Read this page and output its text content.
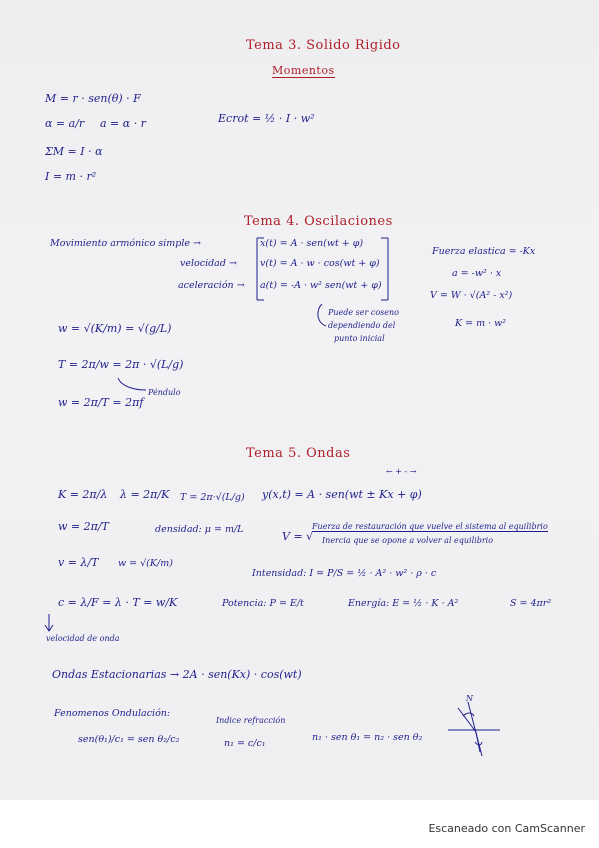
Tema 3. Solido Rigido
Momentos
M = r · sen(θ) · F
α = a/r a = α · r	Ecrot = ½ · I · w²
ΣM = I · α
I = m · r²
Tema 4. Oscilaciones
Movimiento armónico simple →	x(t) = A · sen(wt + φ)
velocidad → v(t) = A · w · cos(wt + φ)
aceleración → a(t) = -A · w² sen(wt + φ)
Puede ser coseno
dependiendo del
punto inicial
Fuerza elastica = -Kx
a = -w² · x
V = W · √(A² - x²)
K = m · w²
w = √(K/m) = √(g/L)
T = 2π/w = 2π · √(L/g)
Péndulo
w = 2π/T = 2πf
Tema 5. Ondas
K = 2π/λ λ = 2π/K T = 2π·√(L/g)
← + - →
y(x,t) = A · sen(wt ± Kx + φ)
w = 2π/T	densidad: μ = m/L
V = √
Fuerza de restauración que vuelve el sistema al equilibrio
Inercia que se opone a volver al equilibrio
v = λ/T w = √(K/m)
Intensidad: I = P/S = ½ · A² · w² · ρ · c
c = λ/F = λ · T = w/K	Potencia: P = E/t	Energía: E = ½ · K · A²	S = 4πr²
velocidad de onda
Ondas Estacionarias → 2A · sen(Kx) · cos(wt)
Fenomenos Ondulación:
sen(θ₁)/c₁ = sen θ₂/c₂
Indice refracción
n₁ = c/c₁
n₁ · sen θ₁ = n₂ · sen θ₂
N
Escaneado con CamScanner
